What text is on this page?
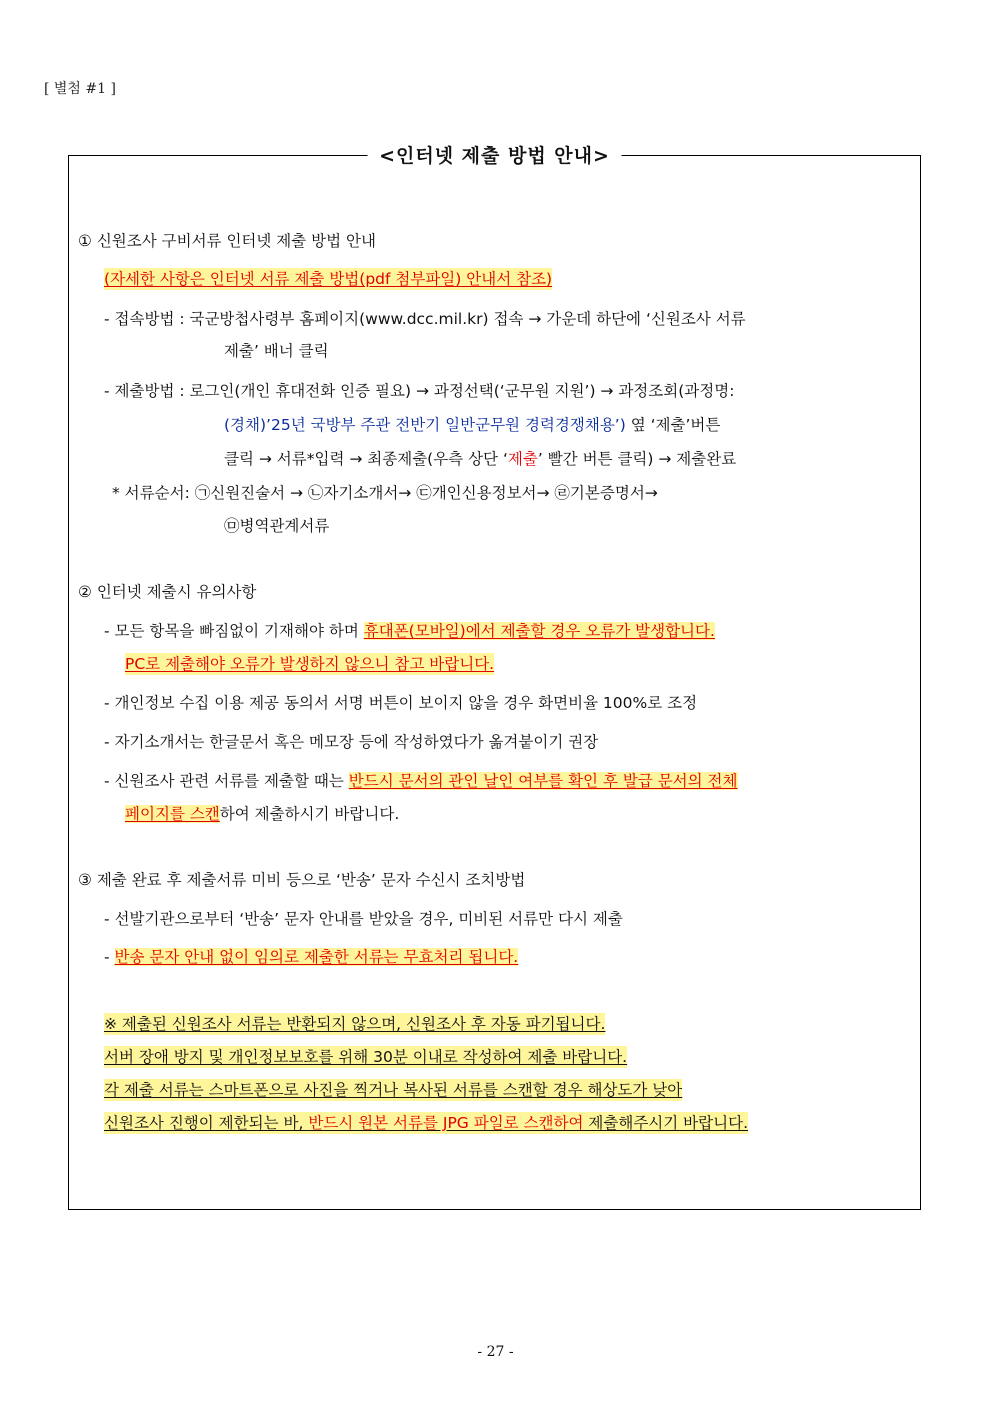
[ 별첨 #1 ]
<인터넷 제출 방법 안내>
① 신원조사 구비서류 인터넷 제출 방법 안내
(자세한 사항은 인터넷 서류 제출 방법(pdf 첨부파일) 안내서 참조)
- 접속방법 : 국군방첩사령부 홈페이지(www.dcc.mil.kr) 접속 → 가운데 하단에 ‘신원조사 서류
제출’ 배너 클릭
- 제출방법 : 로그인(개인 휴대전화 인증 필요) → 과정선택(‘군무원 지원’) → 과정조회(과정명:
(경채)’25년 국방부 주관 전반기 일반군무원 경력경쟁채용’) 옆 ‘제출’버튼
클릭 → 서류*입력 → 최종제출(우측 상단 ‘제출’ 빨간 버튼 클릭) → 제출완료
* 서류순서: ㉠신원진술서 → ㉡자기소개서→ ㉢개인신용정보서→ ㉣기본증명서→
㉤병역관계서류
② 인터넷 제출시 유의사항
- 모든 항목을 빠짐없이 기재해야 하며 휴대폰(모바일)에서 제출할 경우 오류가 발생합니다.
PC로 제출해야 오류가 발생하지 않으니 참고 바랍니다.
- 개인정보 수집 이용 제공 동의서 서명 버튼이 보이지 않을 경우 화면비율 100%로 조정
- 자기소개서는 한글문서 혹은 메모장 등에 작성하였다가 옮겨붙이기 권장
- 신원조사 관련 서류를 제출할 때는 반드시 문서의 관인 날인 여부를 확인 후 발급 문서의 전체
페이지를 스캔하여 제출하시기 바랍니다.
③ 제출 완료 후 제출서류 미비 등으로 ‘반송’ 문자 수신시 조치방법
- 선발기관으로부터 ‘반송’ 문자 안내를 받았을 경우, 미비된 서류만 다시 제출
- 반송 문자 안내 없이 임의로 제출한 서류는 무효처리 됩니다.
※ 제출된 신원조사 서류는 반환되지 않으며, 신원조사 후 자동 파기됩니다.
서버 장애 방지 및 개인정보보호를 위해 30분 이내로 작성하여 제출 바랍니다.
각 제출 서류는 스마트폰으로 사진을 찍거나 복사된 서류를 스캔할 경우 해상도가 낮아
신원조사 진행이 제한되는 바, 반드시 원본 서류를 JPG 파일로 스캔하여 제출해주시기 바랍니다.
- 27 -
